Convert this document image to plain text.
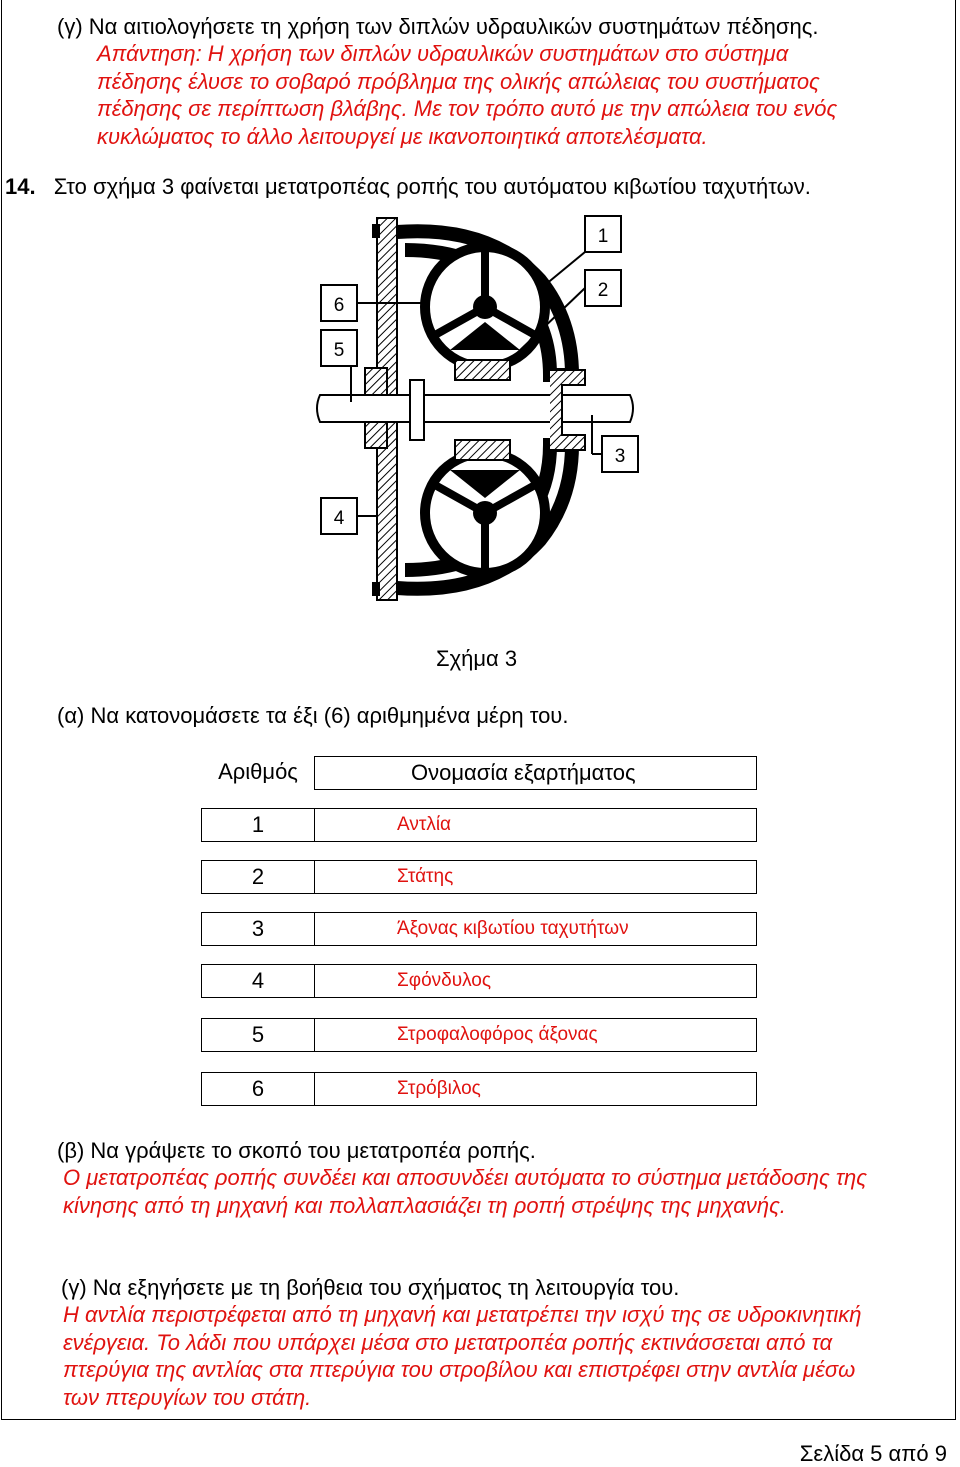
(γ) Να αιτιολογήσετε τη χρήση των διπλών υδραυλικών συστημάτων πέδησης.
Απάντηση: Η χρήση των διπλών υδραυλικών συστημάτων στο σύστημα
πέδησης έλυσε το σοβαρό πρόβλημα της ολικής απώλειας του συστήματος
πέδησης σε περίπτωση βλάβης. Με τον τρόπο αυτό με την απώλεια του ενός
κυκλώματος το άλλο λειτουργεί με ικανοποιητικά αποτελέσματα.
14. Στο σχήμα 3 φαίνεται μετατροπέας ροπής του αυτόματου κιβωτίου ταχυτήτων.
1
2
3
4
5
6
Σχήμα 3
(α) Να κατονομάσετε τα έξι (6) αριθμημένα μέρη του.
Αριθμός	Ονομασία εξαρτήματος
1	Αντλία
2	Στάτης
3	Άξονας κιβωτίου ταχυτήτων
4	Σφόνδυλος
5	Στροφαλοφόρος άξονας
6	Στρόβιλος
(β) Να γράψετε το σκοπό του μετατροπέα ροπής.
Ο μετατροπέας ροπής συνδέει και αποσυνδέει αυτόματα το σύστημα μετάδοσης της
κίνησης από τη μηχανή και πολλαπλασιάζει τη ροπή στρέψης της μηχανής.
(γ) Να εξηγήσετε με τη βοήθεια του σχήματος τη λειτουργία του.
Η αντλία περιστρέφεται από τη μηχανή και μετατρέπει την ισχύ της σε υδροκινητική
ενέργεια. Το λάδι που υπάρχει μέσα στο μετατροπέα ροπής εκτινάσσεται από τα
πτερύγια της αντλίας στα πτερύγια του στροβίλου και επιστρέφει στην αντλία μέσω
των πτερυγίων του στάτη.
Σελίδα 5 από 9
